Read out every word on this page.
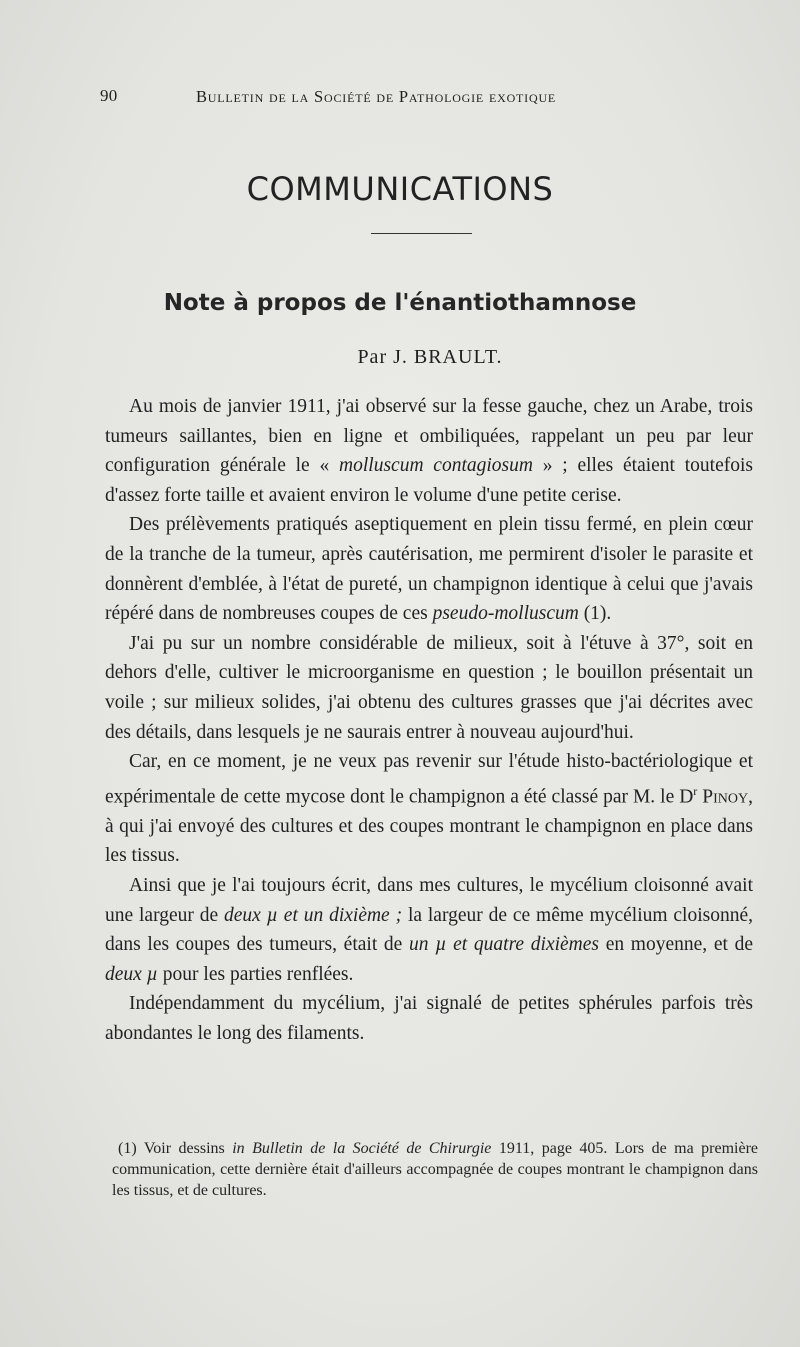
90	Bulletin de la Société de Pathologie exotique
COMMUNICATIONS
Note à propos de l'énantiothamnose
Par J. BRAULT.

Au mois de janvier 1911, j'ai observé sur la fesse gauche, chez un Arabe, trois tumeurs saillantes, bien en ligne et ombiliquées, rappelant un peu par leur configuration générale le « molluscum contagiosum » ; elles étaient toutefois d'assez forte taille et avaient environ le volume d'une petite cerise.

Des prélèvements pratiqués aseptiquement en plein tissu fermé, en plein cœur de la tranche de la tumeur, après cautérisation, me permirent d'isoler le parasite et donnèrent d'emblée, à l'état de pureté, un champignon identique à celui que j'avais répéré dans de nombreuses coupes de ces pseudo-molluscum (1).

J'ai pu sur un nombre considérable de milieux, soit à l'étuve à 37°, soit en dehors d'elle, cultiver le microorganisme en question ; le bouillon présentait un voile ; sur milieux solides, j'ai obtenu des cultures grasses que j'ai décrites avec des détails, dans lesquels je ne saurais entrer à nouveau aujourd'hui.

Car, en ce moment, je ne veux pas revenir sur l'étude histo-bactériologique et expérimentale de cette mycose dont le champignon a été classé par M. le $D^r$ Pinoy, à qui j'ai envoyé des cultures et des coupes montrant le champignon en place dans les tissus.

Ainsi que je l'ai toujours écrit, dans mes cultures, le mycélium cloisonné avait une largeur de deux µ et un dixième ; la largeur de ce même mycélium cloisonné, dans les coupes des tumeurs, était de un µ et quatre dixièmes en moyenne, et de deux µ pour les parties renflées.

Indépendamment du mycélium, j'ai signalé de petites sphérules parfois très abondantes le long des filaments.

(1) Voir dessins in Bulletin de la Société de Chirurgie 1911, page 405. Lors de ma première communication, cette dernière était d'ailleurs accompagnée de coupes montrant le champignon dans les tissus, et de cultures.
